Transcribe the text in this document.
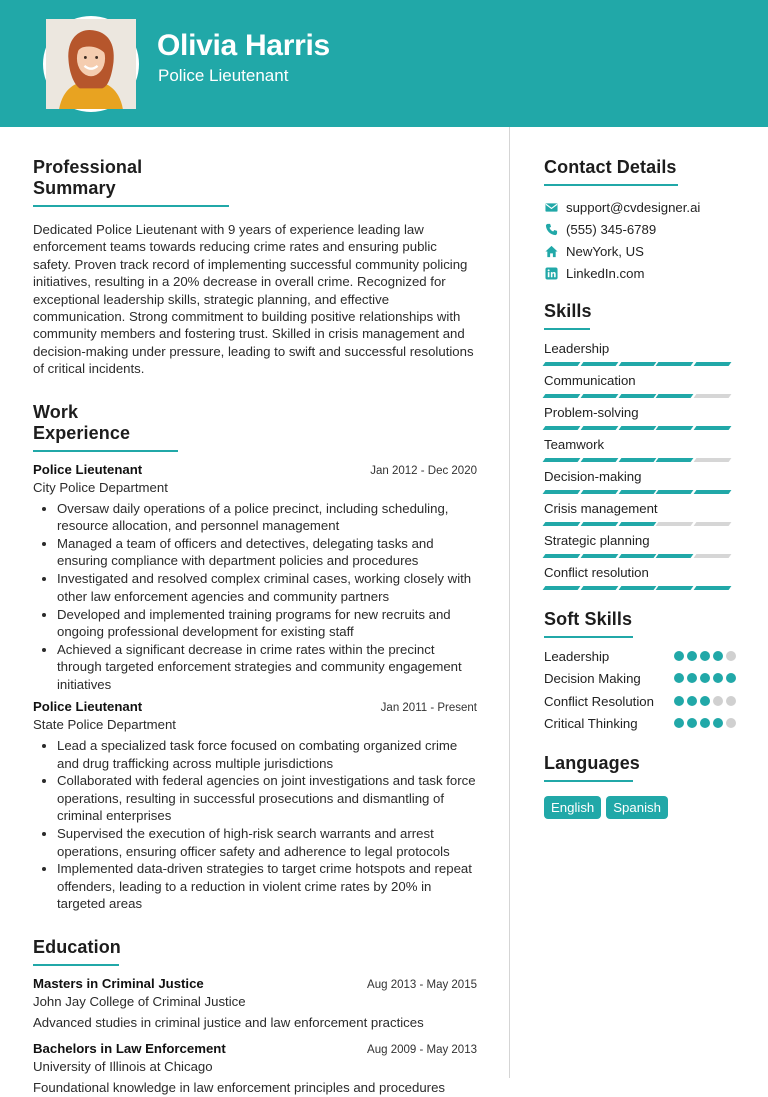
Olivia Harris
Police Lieutenant
Professional Summary

Dedicated Police Lieutenant with 9 years of experience leading law enforcement teams towards reducing crime rates and ensuring public safety. Proven track record of implementing successful community policing initiatives, resulting in a 20% decrease in overall crime. Recognized for exceptional leadership skills, strategic planning, and effective communication. Strong commitment to building positive relationships with community members and fostering trust. Skilled in crisis management and decision-making under pressure, leading to swift and successful resolutions of critical incidents.

Work Experience
Police Lieutenant	Jan 2012 - Dec 2020
City Police Department
• Oversaw daily operations of a police precinct, including scheduling, resource allocation, and personnel management
• Managed a team of officers and detectives, delegating tasks and ensuring compliance with department policies and procedures
• Investigated and resolved complex criminal cases, working closely with other law enforcement agencies and community partners
• Developed and implemented training programs for new recruits and ongoing professional development for existing staff
• Achieved a significant decrease in crime rates within the precinct through targeted enforcement strategies and community engagement initiatives
Police Lieutenant	Jan 2011 - Present
State Police Department
• Lead a specialized task force focused on combating organized crime and drug trafficking across multiple jurisdictions
• Collaborated with federal agencies on joint investigations and task force operations, resulting in successful prosecutions and dismantling of criminal enterprises
• Supervised the execution of high-risk search warrants and arrest operations, ensuring officer safety and adherence to legal protocols
• Implemented data-driven strategies to target crime hotspots and repeat offenders, leading to a reduction in violent crime rates by 20% in targeted areas
Education
Masters in Criminal Justice	Aug 2013 - May 2015
John Jay College of Criminal Justice
Advanced studies in criminal justice and law enforcement practices
Bachelors in Law Enforcement	Aug 2009 - May 2013
University of Illinois at Chicago
Foundational knowledge in law enforcement principles and procedures
Contact Details
support@cvdesigner.ai
(555) 345-6789
NewYork, US
LinkedIn.com
Skills
Leadership
Communication
Problem-solving
Teamwork
Decision-making
Crisis management
Strategic planning
Conflict resolution
Soft Skills
Leadership
Decision Making
Conflict Resolution
Critical Thinking
Languages
English	Spanish
